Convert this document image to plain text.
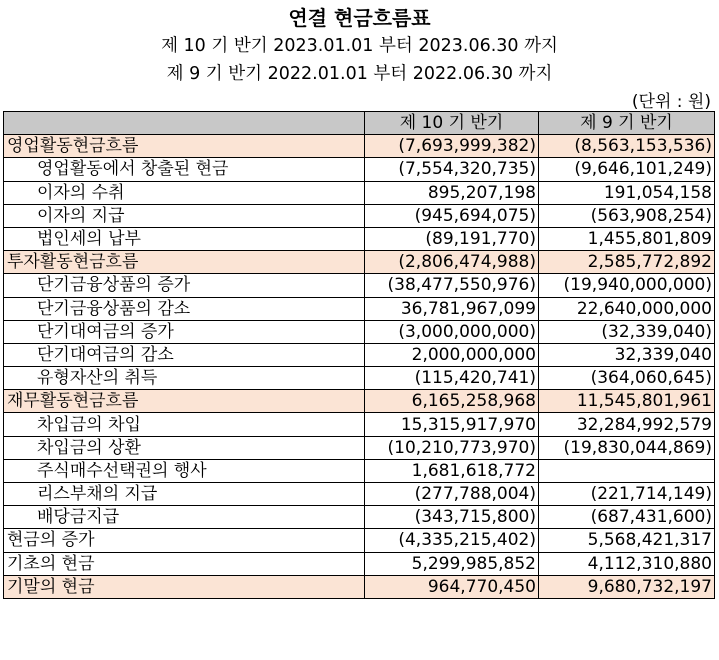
연결 현금흐름표
제 10 기 반기 2023.01.01 부터 2023.06.30 까지
제 9 기 반기 2022.01.01 부터 2022.06.30 까지
(단위 : 원)
	제 10 기 반기	제 9 기 반기
영업활동현금흐름	(7,693,999,382)	(8,563,153,536)
영업활동에서 창출된 현금	(7,554,320,735)	(9,646,101,249)
이자의 수취	895,207,198	191,054,158
이자의 지급	(945,694,075)	(563,908,254)
법인세의 납부	(89,191,770)	1,455,801,809
투자활동현금흐름	(2,806,474,988)	2,585,772,892
단기금융상품의 증가	(38,477,550,976)	(19,940,000,000)
단기금융상품의 감소	36,781,967,099	22,640,000,000
단기대여금의 증가	(3,000,000,000)	(32,339,040)
단기대여금의 감소	2,000,000,000	32,339,040
유형자산의 취득	(115,420,741)	(364,060,645)
재무활동현금흐름	6,165,258,968	11,545,801,961
차입금의 차입	15,315,917,970	32,284,992,579
차입금의 상환	(10,210,773,970)	(19,830,044,869)
주식매수선택권의 행사	1,681,618,772	
리스부채의 지급	(277,788,004)	(221,714,149)
배당금지급	(343,715,800)	(687,431,600)
현금의 증가	(4,335,215,402)	5,568,421,317
기초의 현금	5,299,985,852	4,112,310,880
기말의 현금	964,770,450	9,680,732,197
